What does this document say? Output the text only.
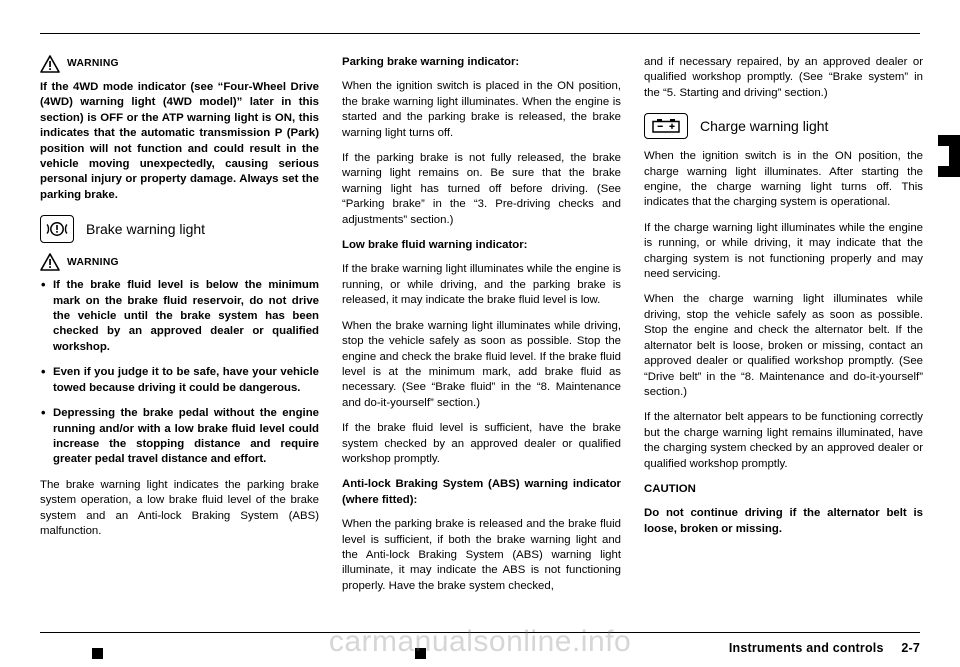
WARNING

If the 4WD mode indicator (see “Four-Wheel Drive (4WD) warning light (4WD model)” later in this section) is OFF or the ATP warning light is ON, this indicates that the automatic transmission P (Park) position will not function and could result in the vehicle moving unexpectedly, causing serious personal injury or property damage. Always set the parking brake.

Brake warning light
WARNING
• If the brake fluid level is below the minimum mark on the brake fluid reservoir, do not drive the vehicle until the brake system has been checked by an approved dealer or qualified workshop.
• Even if you judge it to be safe, have your vehicle towed because driving it could be dangerous.
• Depressing the brake pedal without the engine running and/or with a low brake fluid level could increase the stopping distance and require greater pedal travel distance and effort.

The brake warning light indicates the parking brake system operation, a low brake fluid level of the brake system and an Anti-lock Braking System (ABS) malfunction.

Parking brake warning indicator:

When the ignition switch is placed in the ON position, the brake warning light illuminates. When the engine is started and the parking brake is released, the brake warning light turns off.

If the parking brake is not fully released, the brake warning light remains on. Be sure that the brake warning light has turned off before driving. (See “Parking brake” in the “3. Pre-driving checks and adjustments” section.)

Low brake fluid warning indicator:

If the brake warning light illuminates while the engine is running, or while driving, and the parking brake is released, it may indicate the brake fluid level is low.

When the brake warning light illuminates while driving, stop the vehicle safely as soon as possible. Stop the engine and check the brake fluid level. If the brake fluid level is at the minimum mark, add brake fluid as necessary. (See “Brake fluid” in the “8. Maintenance and do-it-yourself” section.)

If the brake fluid level is sufficient, have the brake system checked by an approved dealer or qualified workshop promptly.

Anti-lock Braking System (ABS) warning indicator (where fitted):

When the parking brake is released and the brake fluid level is sufficient, if both the brake warning light and the Anti-lock Braking System (ABS) warning light illuminate, it may indicate the ABS is not functioning properly. Have the brake system checked,

and if necessary repaired, by an approved dealer or qualified workshop promptly. (See “Brake system” in the “5. Starting and driving” section.)

Charge warning light

When the ignition switch is in the ON position, the charge warning light illuminates. After starting the engine, the charge warning light turns off. This indicates that the charging system is operational.

If the charge warning light illuminates while the engine is running, or while driving, it may indicate that the charging system is not functioning properly and may need servicing.

When the charge warning light illuminates while driving, stop the vehicle safely as soon as possible. Stop the engine and check the alternator belt. If the alternator belt is loose, broken or missing, contact an approved dealer or qualified workshop promptly. (See “Drive belt” in the “8. Maintenance and do-it-yourself” section.)

If the alternator belt appears to be functioning correctly but the charge warning light remains illuminated, have the charging system checked by an approved dealer or qualified workshop promptly.

CAUTION

Do not continue driving if the alternator belt is loose, broken or missing.

Instruments and controls 2-7
carmanualsonline.info
